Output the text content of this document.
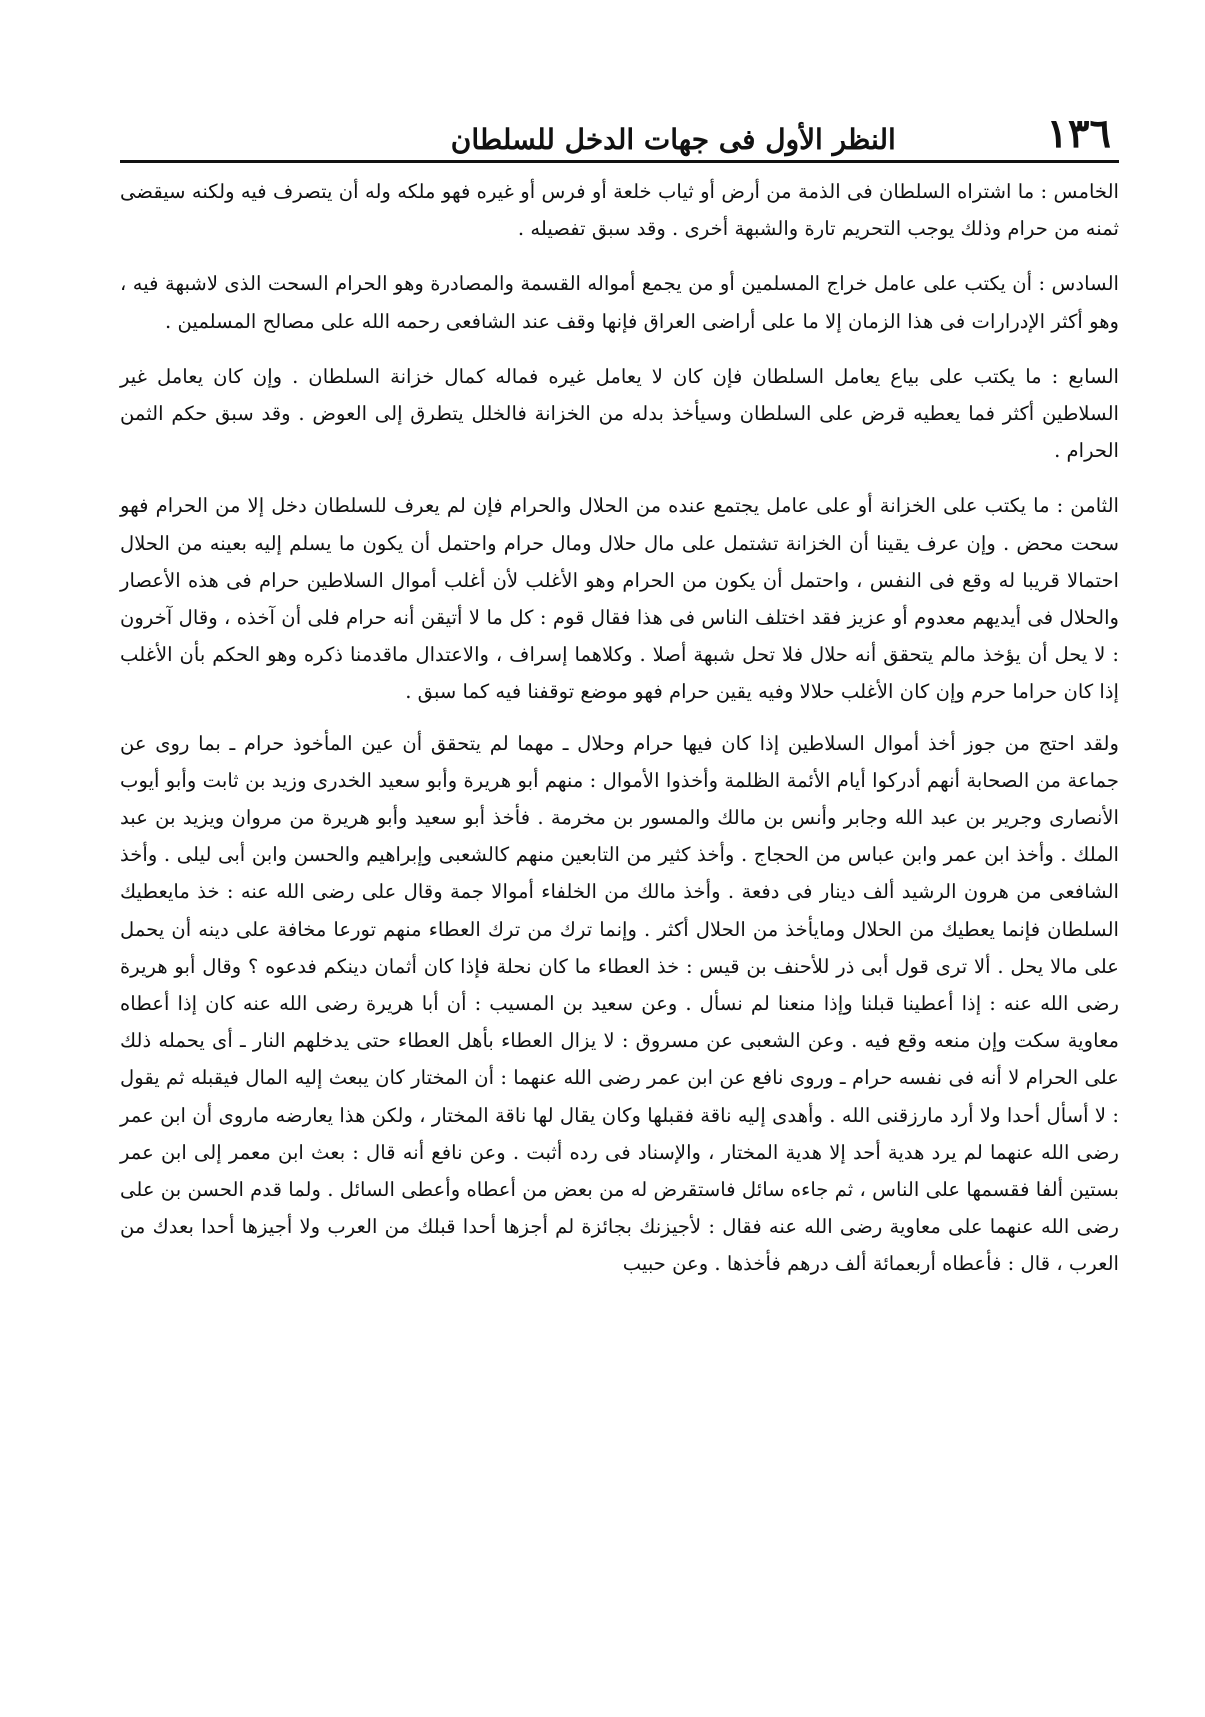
١٣٦
النظر الأول فى جهات الدخل للسلطان

الخامس : ما اشتراه السلطان فى الذمة من أرض أو ثياب خلعة أو فرس أو غيره فهو ملكه وله أن يتصرف فيه ولكنه سيقضى ثمنه من حرام وذلك يوجب التحريم تارة والشبهة أخرى . وقد سبق تفصيله .

السادس : أن يكتب على عامل خراج المسلمين أو من يجمع أمواله القسمة والمصادرة وهو الحرام السحت الذى لاشبهة فيه ، وهو أكثر الإدرارات فى هذا الزمان إلا ما على أراضى العراق فإنها وقف عند الشافعى رحمه الله على مصالح المسلمين .

السابع : ما يكتب على بياع يعامل السلطان فإن كان لا يعامل غيره فماله كمال خزانة السلطان . وإن كان يعامل غير السلاطين أكثر فما يعطيه قرض على السلطان وسيأخذ بدله من الخزانة فالخلل يتطرق إلى العوض . وقد سبق حكم الثمن الحرام .

الثامن : ما يكتب على الخزانة أو على عامل يجتمع عنده من الحلال والحرام فإن لم يعرف للسلطان دخل إلا من الحرام فهو سحت محض . وإن عرف يقينا أن الخزانة تشتمل على مال حلال ومال حرام واحتمل أن يكون ما يسلم إليه بعينه من الحلال احتمالا قريبا له وقع فى النفس ، واحتمل أن يكون من الحرام وهو الأغلب لأن أغلب أموال السلاطين حرام فى هذه الأعصار والحلال فى أيديهم معدوم أو عزيز فقد اختلف الناس فى هذا فقال قوم : كل ما لا أتيقن أنه حرام فلى أن آخذه ، وقال آخرون : لا يحل أن يؤخذ مالم يتحقق أنه حلال فلا تحل شبهة أصلا . وكلاهما إسراف ، والاعتدال ماقدمنا ذكره وهو الحكم بأن الأغلب إذا كان حراما حرم وإن كان الأغلب حلالا وفيه يقين حرام فهو موضع توقفنا فيه كما سبق .

ولقد احتج من جوز أخذ أموال السلاطين إذا كان فيها حرام وحلال ـ مهما لم يتحقق أن عين المأخوذ حرام ـ بما روى عن جماعة من الصحابة أنهم أدركوا أيام الأئمة الظلمة وأخذوا الأموال : منهم أبو هريرة وأبو سعيد الخدرى وزيد بن ثابت وأبو أيوب الأنصارى وجرير بن عبد الله وجابر وأنس بن مالك والمسور بن مخرمة . فأخذ أبو سعيد وأبو هريرة من مروان ويزيد بن عبد الملك . وأخذ ابن عمر وابن عباس من الحجاج . وأخذ كثير من التابعين منهم كالشعبى وإبراهيم والحسن وابن أبى ليلى . وأخذ الشافعى من هرون الرشيد ألف دينار فى دفعة . وأخذ مالك من الخلفاء أموالا جمة وقال على رضى الله عنه : خذ مايعطيك السلطان فإنما يعطيك من الحلال ومايأخذ من الحلال أكثر . وإنما ترك من ترك العطاء منهم تورعا مخافة على دينه أن يحمل على مالا يحل . ألا ترى قول أبى ذر للأحنف بن قيس : خذ العطاء ما كان نحلة فإذا كان أثمان دينكم فدعوه ؟ وقال أبو هريرة رضى الله عنه : إذا أعطينا قبلنا وإذا منعنا لم نسأل . وعن سعيد بن المسيب : أن أبا هريرة رضى الله عنه كان إذا أعطاه معاوية سكت وإن منعه وقع فيه . وعن الشعبى عن مسروق : لا يزال العطاء بأهل العطاء حتى يدخلهم النار ـ أى يحمله ذلك على الحرام لا أنه فى نفسه حرام ـ وروى نافع عن ابن عمر رضى الله عنهما : أن المختار كان يبعث إليه المال فيقبله ثم يقول : لا أسأل أحدا ولا أرد مارزقنى الله . وأهدى إليه ناقة فقبلها وكان يقال لها ناقة المختار ، ولكن هذا يعارضه ماروى أن ابن عمر رضى الله عنهما لم يرد هدية أحد إلا هدية المختار ، والإسناد فى رده أثبت . وعن نافع أنه قال : بعث ابن معمر إلى ابن عمر بستين ألفا فقسمها على الناس ، ثم جاءه سائل فاستقرض له من بعض من أعطاه وأعطى السائل . ولما قدم الحسن بن على رضى الله عنهما على معاوية رضى الله عنه فقال : لأجيزنك بجائزة لم أجزها أحدا قبلك من العرب ولا أجيزها أحدا بعدك من العرب ، قال : فأعطاه أربعمائة ألف درهم فأخذها . وعن حبيب
